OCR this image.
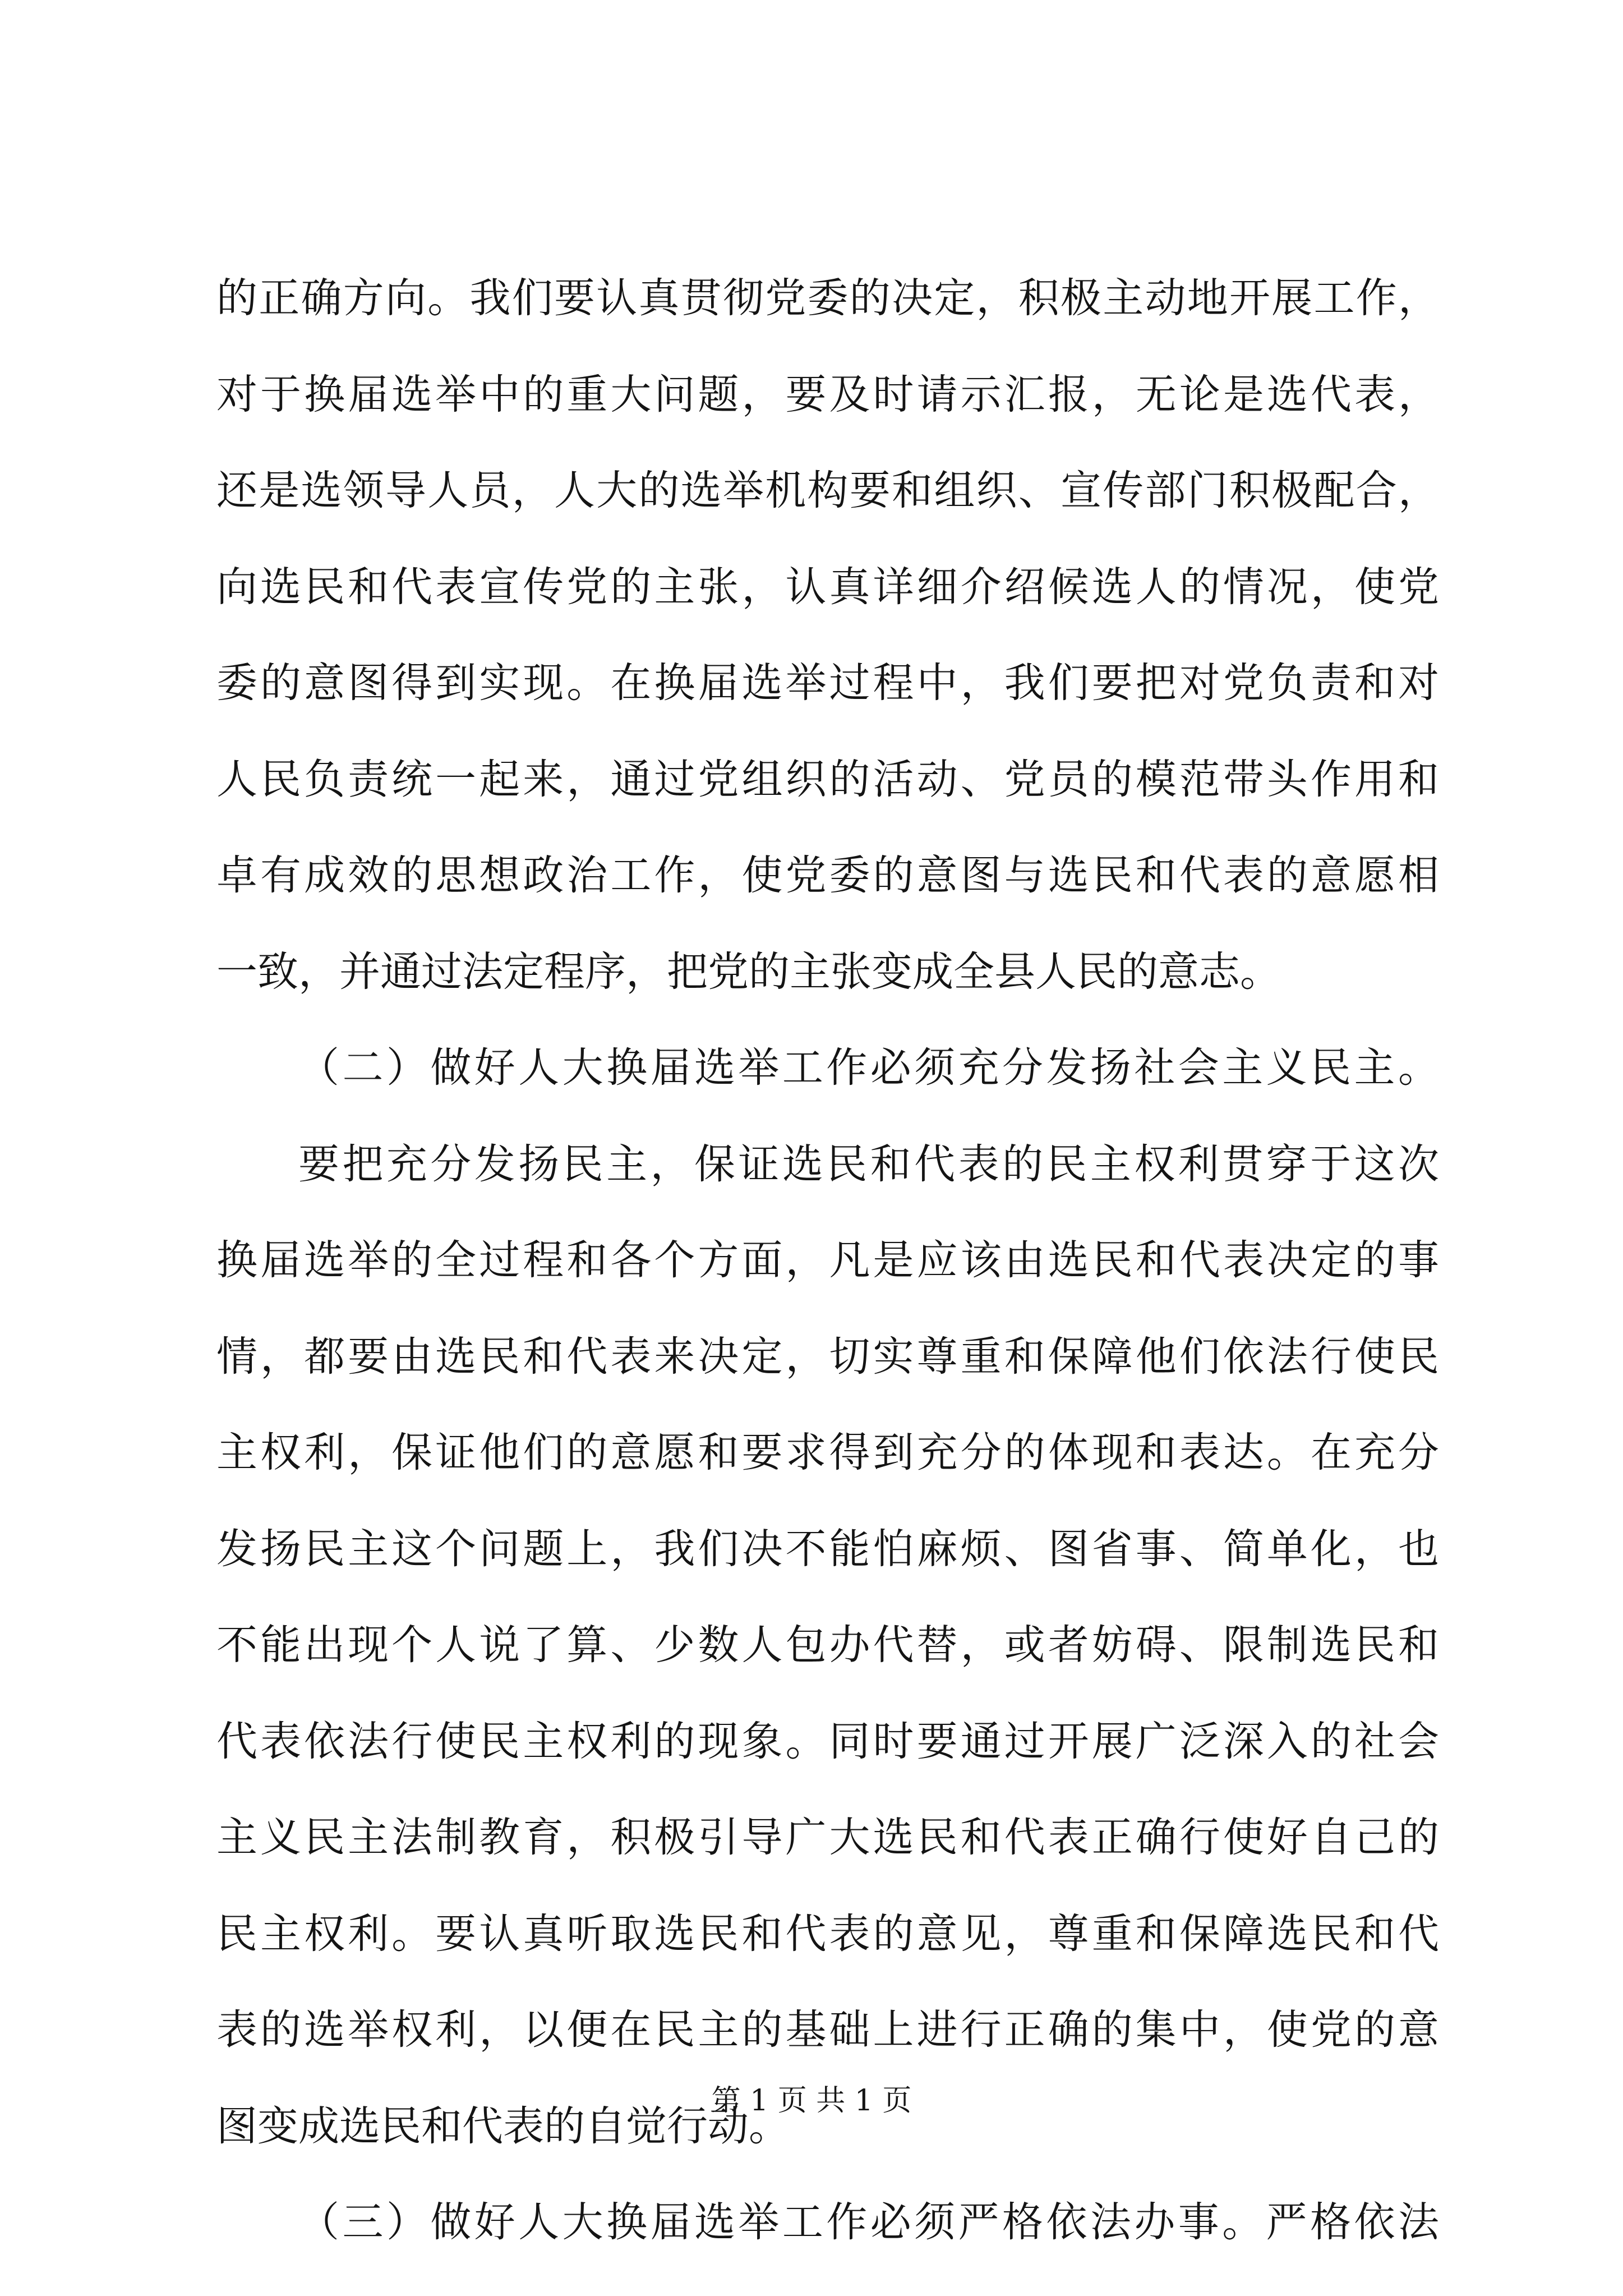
的正确方向。我们要认真贯彻党委的决定，积极主动地开展工作，
对于换届选举中的重大问题，要及时请示汇报，无论是选代表，
还是选领导人员，人大的选举机构要和组织、宣传部门积极配合，
向选民和代表宣传党的主张，认真详细介绍候选人的情况，使党
委的意图得到实现。在换届选举过程中，我们要把对党负责和对
人民负责统一起来，通过党组织的活动、党员的模范带头作用和
卓有成效的思想政治工作，使党委的意图与选民和代表的意愿相
一致，并通过法定程序，把党的主张变成全县人民的意志。
（二）做好人大换届选举工作必须充分发扬社会主义民主。
要把充分发扬民主，保证选民和代表的民主权利贯穿于这次
换届选举的全过程和各个方面，凡是应该由选民和代表决定的事
情，都要由选民和代表来决定，切实尊重和保障他们依法行使民
主权利，保证他们的意愿和要求得到充分的体现和表达。在充分
发扬民主这个问题上，我们决不能怕麻烦、图省事、简单化，也
不能出现个人说了算、少数人包办代替，或者妨碍、限制选民和
代表依法行使民主权利的现象。同时要通过开展广泛深入的社会
主义民主法制教育，积极引导广大选民和代表正确行使好自己的
民主权利。要认真听取选民和代表的意见，尊重和保障选民和代
表的选举权利，以便在民主的基础上进行正确的集中，使党的意
图变成选民和代表的自觉行动。
（三）做好人大换届选举工作必须严格依法办事。严格依法
第 1 页 共 1 页
